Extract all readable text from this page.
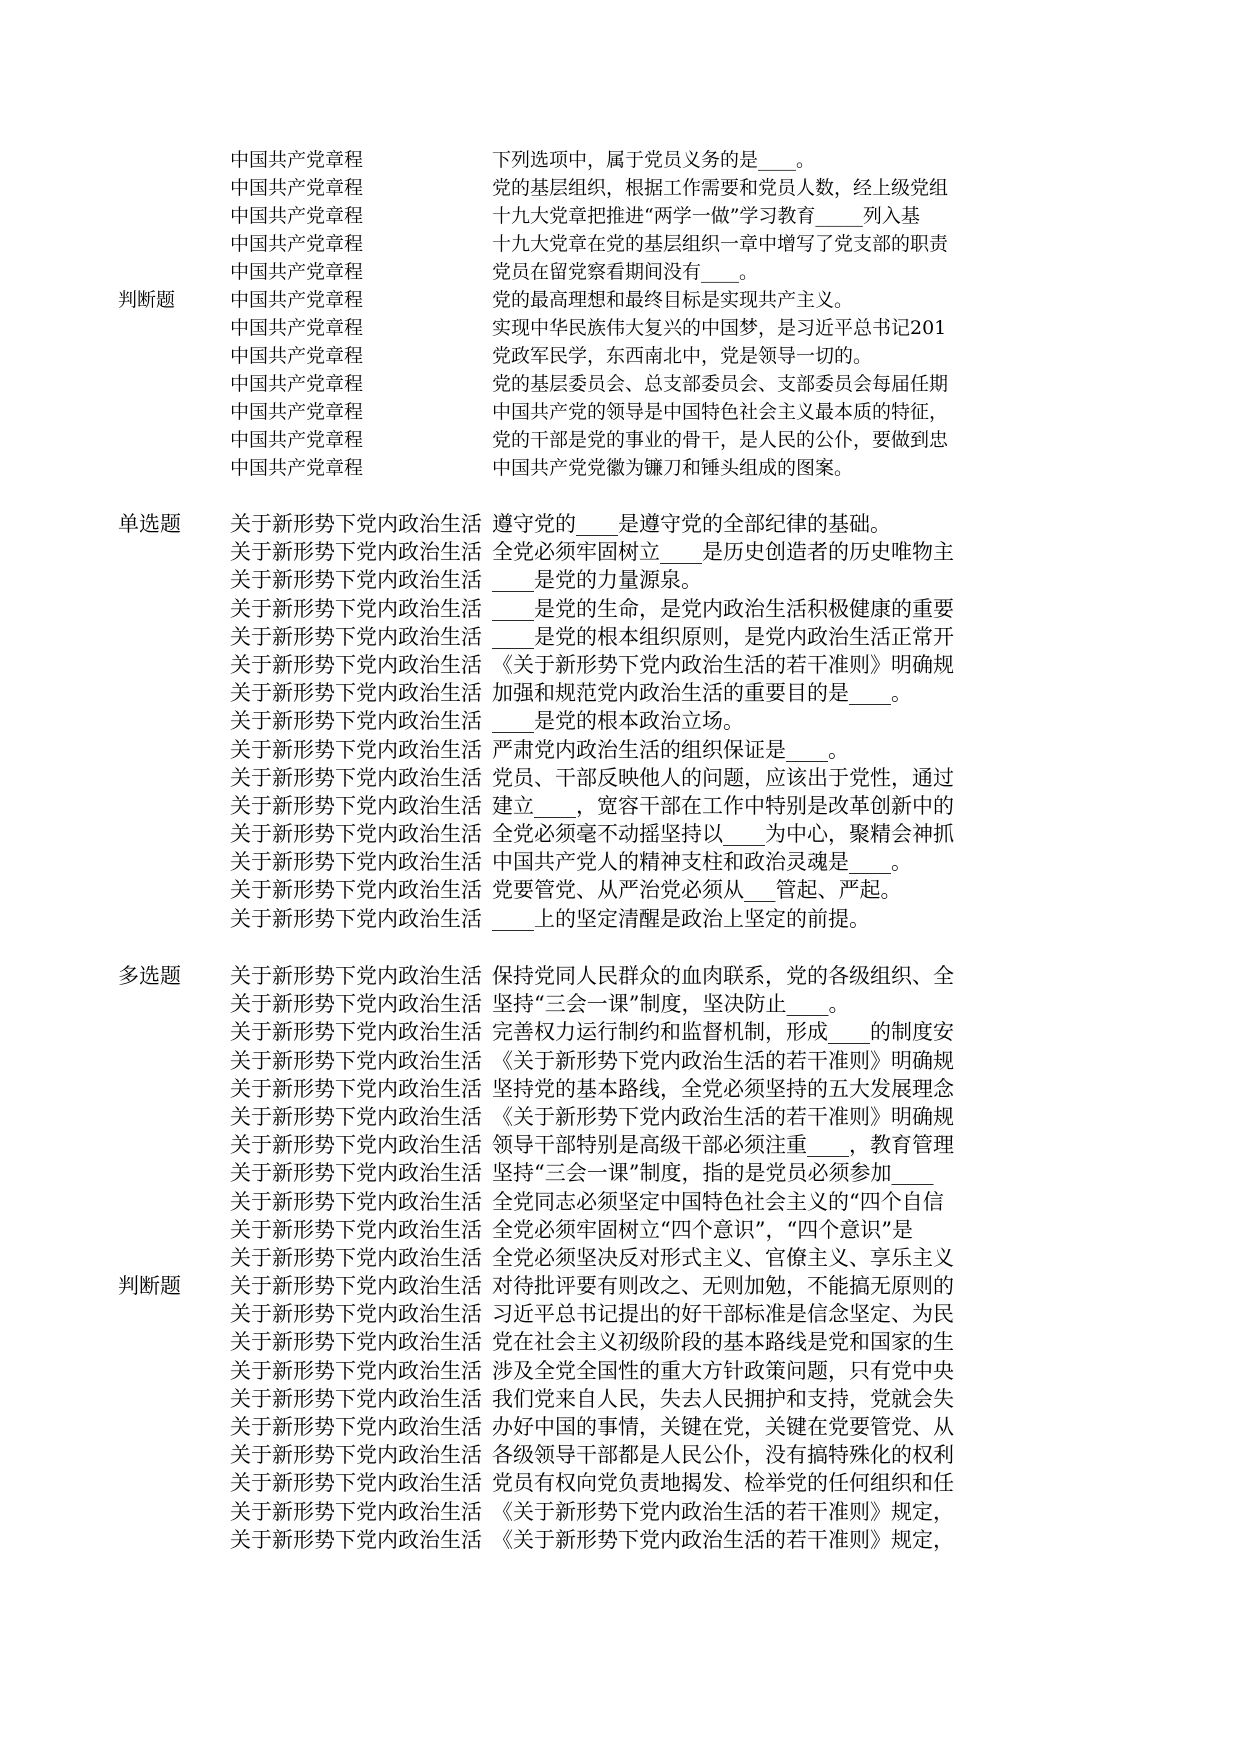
中国共产党章程	下列选项中，属于党员义务的是____。
中国共产党章程	党的基层组织，根据工作需要和党员人数，经上级党组
中国共产党章程	十九大党章把推进“两学一做”学习教育_____列入基
中国共产党章程	十九大党章在党的基层组织一章中增写了党支部的职责
中国共产党章程	党员在留党察看期间没有____。
判断题	中国共产党章程	党的最高理想和最终目标是实现共产主义。
中国共产党章程	实现中华民族伟大复兴的中国梦，是习近平总书记201
中国共产党章程	党政军民学，东西南北中，党是领导一切的。
中国共产党章程	党的基层委员会、总支部委员会、支部委员会每届任期
中国共产党章程	中国共产党的领导是中国特色社会主义最本质的特征，
中国共产党章程	党的干部是党的事业的骨干，是人民的公仆，要做到忠
中国共产党章程	中国共产党党徽为镰刀和锤头组成的图案。
单选题	关于新形势下党内政治生活 遵守党的____是遵守党的全部纪律的基础。
关于新形势下党内政治生活 全党必须牢固树立____是历史创造者的历史唯物主
关于新形势下党内政治生活 ____是党的力量源泉。
关于新形势下党内政治生活 ____是党的生命，是党内政治生活积极健康的重要
关于新形势下党内政治生活 ____是党的根本组织原则，是党内政治生活正常开
关于新形势下党内政治生活 《关于新形势下党内政治生活的若干准则》明确规
关于新形势下党内政治生活 加强和规范党内政治生活的重要目的是____。
关于新形势下党内政治生活 ____是党的根本政治立场。
关于新形势下党内政治生活 严肃党内政治生活的组织保证是____。
关于新形势下党内政治生活 党员、干部反映他人的问题，应该出于党性，通过
关于新形势下党内政治生活 建立____，宽容干部在工作中特别是改革创新中的
关于新形势下党内政治生活 全党必须毫不动摇坚持以____为中心，聚精会神抓
关于新形势下党内政治生活 中国共产党人的精神支柱和政治灵魂是____。
关于新形势下党内政治生活 党要管党、从严治党必须从___管起、严起。
关于新形势下党内政治生活 ____上的坚定清醒是政治上坚定的前提。
多选题	关于新形势下党内政治生活 保持党同人民群众的血肉联系，党的各级组织、全
关于新形势下党内政治生活 坚持“三会一课”制度，坚决防止____。
关于新形势下党内政治生活 完善权力运行制约和监督机制，形成____的制度安
关于新形势下党内政治生活 《关于新形势下党内政治生活的若干准则》明确规
关于新形势下党内政治生活 坚持党的基本路线，全党必须坚持的五大发展理念
关于新形势下党内政治生活 《关于新形势下党内政治生活的若干准则》明确规
关于新形势下党内政治生活 领导干部特别是高级干部必须注重____，教育管理
关于新形势下党内政治生活 坚持“三会一课”制度，指的是党员必须参加____
关于新形势下党内政治生活 全党同志必须坚定中国特色社会主义的“四个自信
关于新形势下党内政治生活 全党必须牢固树立“四个意识”，“四个意识”是
关于新形势下党内政治生活 全党必须坚决反对形式主义、官僚主义、享乐主义
判断题	关于新形势下党内政治生活 对待批评要有则改之、无则加勉，不能搞无原则的
关于新形势下党内政治生活 习近平总书记提出的好干部标准是信念坚定、为民
关于新形势下党内政治生活 党在社会主义初级阶段的基本路线是党和国家的生
关于新形势下党内政治生活 涉及全党全国性的重大方针政策问题，只有党中央
关于新形势下党内政治生活 我们党来自人民，失去人民拥护和支持，党就会失
关于新形势下党内政治生活 办好中国的事情，关键在党，关键在党要管党、从
关于新形势下党内政治生活 各级领导干部都是人民公仆，没有搞特殊化的权利
关于新形势下党内政治生活 党员有权向党负责地揭发、检举党的任何组织和任
关于新形势下党内政治生活 《关于新形势下党内政治生活的若干准则》规定，
关于新形势下党内政治生活 《关于新形势下党内政治生活的若干准则》规定，
